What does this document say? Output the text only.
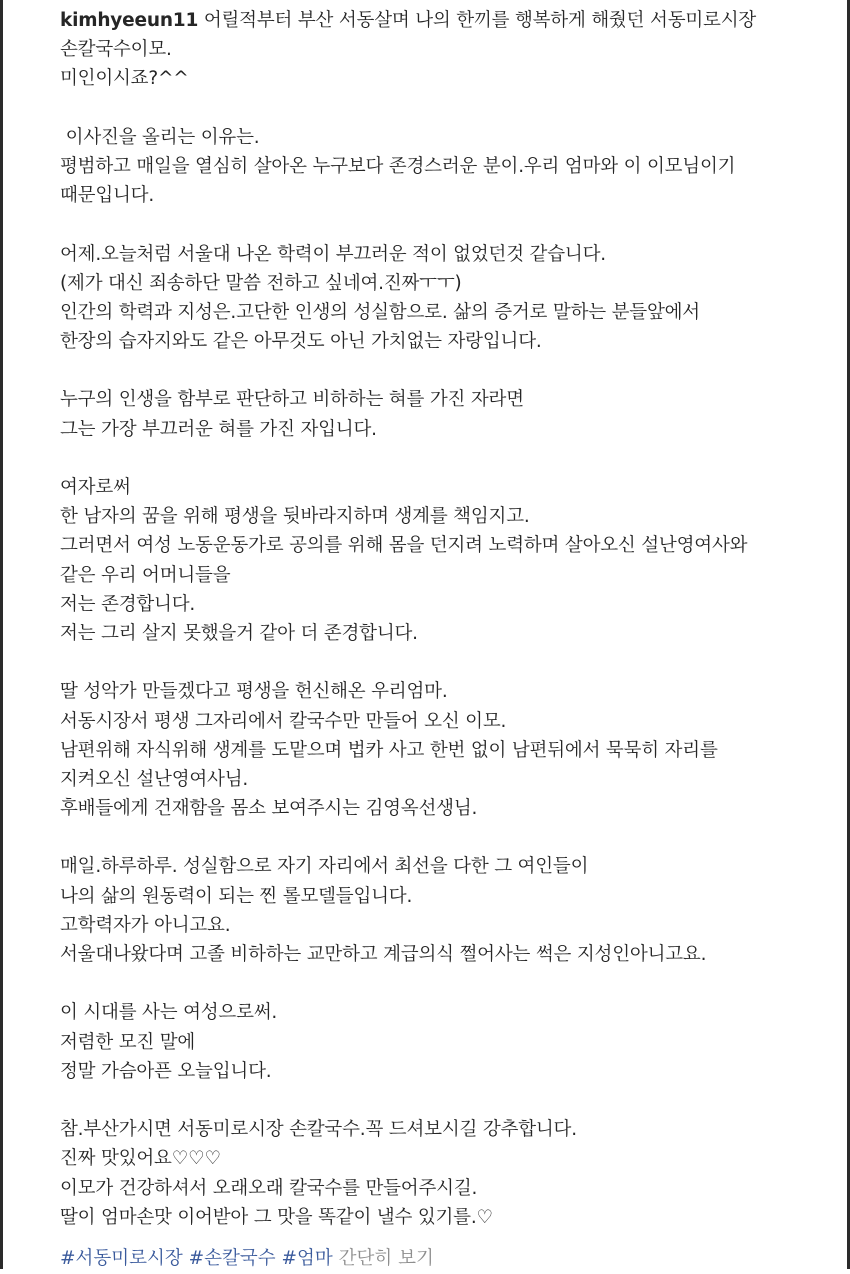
kimhyeeun11 어릴적부터 부산 서동살며 나의 한끼를 행복하게 해줬던 서동미로시장
손칼국수이모.
미인이시죠?^^
이사진을 올리는 이유는.
평범하고 매일을 열심히 살아온 누구보다 존경스러운 분이.우리 엄마와 이 이모님이기
때문입니다.
어제.오늘처럼 서울대 나온 학력이 부끄러운 적이 없었던것 같습니다.
(제가 대신 죄송하단 말씀 전하고 싶네여.진짜ㅜㅜ)
인간의 학력과 지성은.고단한 인생의 성실함으로. 삶의 증거로 말하는 분들앞에서
한장의 습자지와도 같은 아무것도 아닌 가치없는 자랑입니다.
누구의 인생을 함부로 판단하고 비하하는 혀를 가진 자라면
그는 가장 부끄러운 혀를 가진 자입니다.
여자로써
한 남자의 꿈을 위해 평생을 뒷바라지하며 생계를 책임지고.
그러면서 여성 노동운동가로 공의를 위해 몸을 던지려 노력하며 살아오신 설난영여사와
같은 우리 어머니들을
저는 존경합니다.
저는 그리 살지 못했을거 같아 더 존경합니다.
딸 성악가 만들겠다고 평생을 헌신해온 우리엄마.
서동시장서 평생 그자리에서 칼국수만 만들어 오신 이모.
남편위해 자식위해 생계를 도맡으며 법카 사고 한번 없이 남편뒤에서 묵묵히 자리를
지켜오신 설난영여사님.
후배들에게 건재함을 몸소 보여주시는 김영옥선생님.
매일.하루하루. 성실함으로 자기 자리에서 최선을 다한 그 여인들이
나의 삶의 원동력이 되는 찐 롤모델들입니다.
고학력자가 아니고요.
서울대나왔다며 고졸 비하하는 교만하고 계급의식 쩔어사는 썩은 지성인아니고요.
이 시대를 사는 여성으로써.
저렴한 모진 말에
정말 가슴아픈 오늘입니다.
참.부산가시면 서동미로시장 손칼국수.꼭 드셔보시길 강추합니다.
진짜 맛있어요♡♡♡
이모가 건강하셔서 오래오래 칼국수를 만들어주시길.
딸이 엄마손맛 이어받아 그 맛을 똑같이 낼수 있기를.♡
#서동미로시장 #손칼국수 #엄마 간단히 보기
